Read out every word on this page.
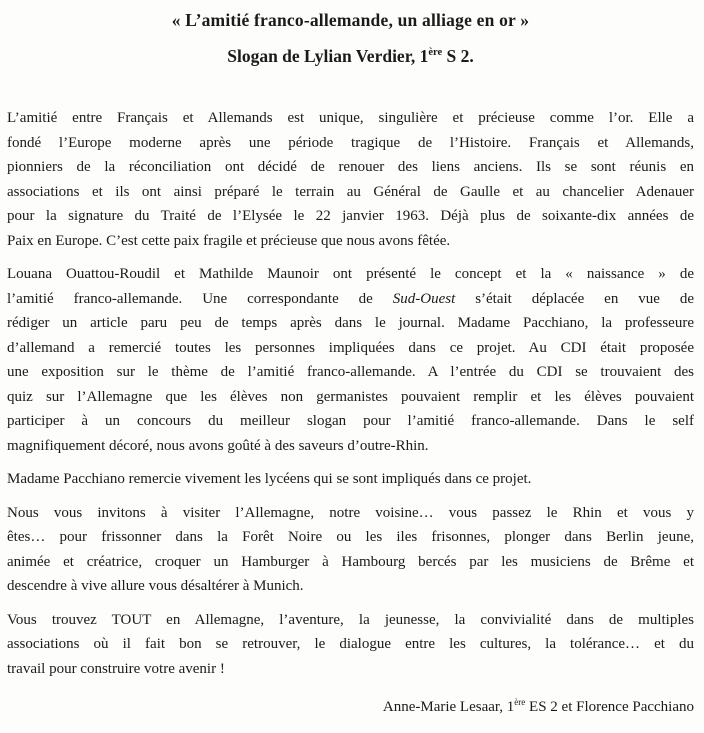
« L’amitié franco-allemande, un alliage en or »
Slogan de Lylian Verdier, 1ère S 2.
L’amitié entre Français et Allemands est unique, singulière et précieuse comme l’or. Elle a
fondé l’Europe moderne après une période tragique de l’Histoire. Français et Allemands,
pionniers de la réconciliation ont décidé de renouer des liens anciens. Ils se sont réunis en
associations et ils ont ainsi préparé le terrain au Général de Gaulle et au chancelier Adenauer
pour la signature du Traité de l’Elysée le 22 janvier 1963. Déjà plus de soixante-dix années de
Paix en Europe. C’est cette paix fragile et précieuse que nous avons fêtée.
Louana Ouattou-Roudil et Mathilde Maunoir ont présenté le concept et la « naissance » de
l’amitié franco-allemande. Une correspondante de Sud-Ouest s’était déplacée en vue de
rédiger un article paru peu de temps après dans le journal. Madame Pacchiano, la professeure
d’allemand a remercié toutes les personnes impliquées dans ce projet. Au CDI était proposée
une exposition sur le thème de l’amitié franco-allemande. A l’entrée du CDI se trouvaient des
quiz sur l’Allemagne que les élèves non germanistes pouvaient remplir et les élèves pouvaient
participer à un concours du meilleur slogan pour l’amitié franco-allemande. Dans le self
magnifiquement décoré, nous avons goûté à des saveurs d’outre-Rhin.
Madame Pacchiano remercie vivement les lycéens qui se sont impliqués dans ce projet.
Nous vous invitons à visiter l’Allemagne, notre voisine… vous passez le Rhin et vous y
êtes… pour frissonner dans la Forêt Noire ou les iles frisonnes, plonger dans Berlin jeune,
animée et créatrice, croquer un Hamburger à Hambourg bercés par les musiciens de Brême et
descendre à vive allure vous désaltérer à Munich.
Vous trouvez TOUT en Allemagne, l’aventure, la jeunesse, la convivialité dans de multiples
associations où il fait bon se retrouver, le dialogue entre les cultures, la tolérance… et du
travail pour construire votre avenir !
Anne-Marie Lesaar, 1ère ES 2 et Florence Pacchiano
